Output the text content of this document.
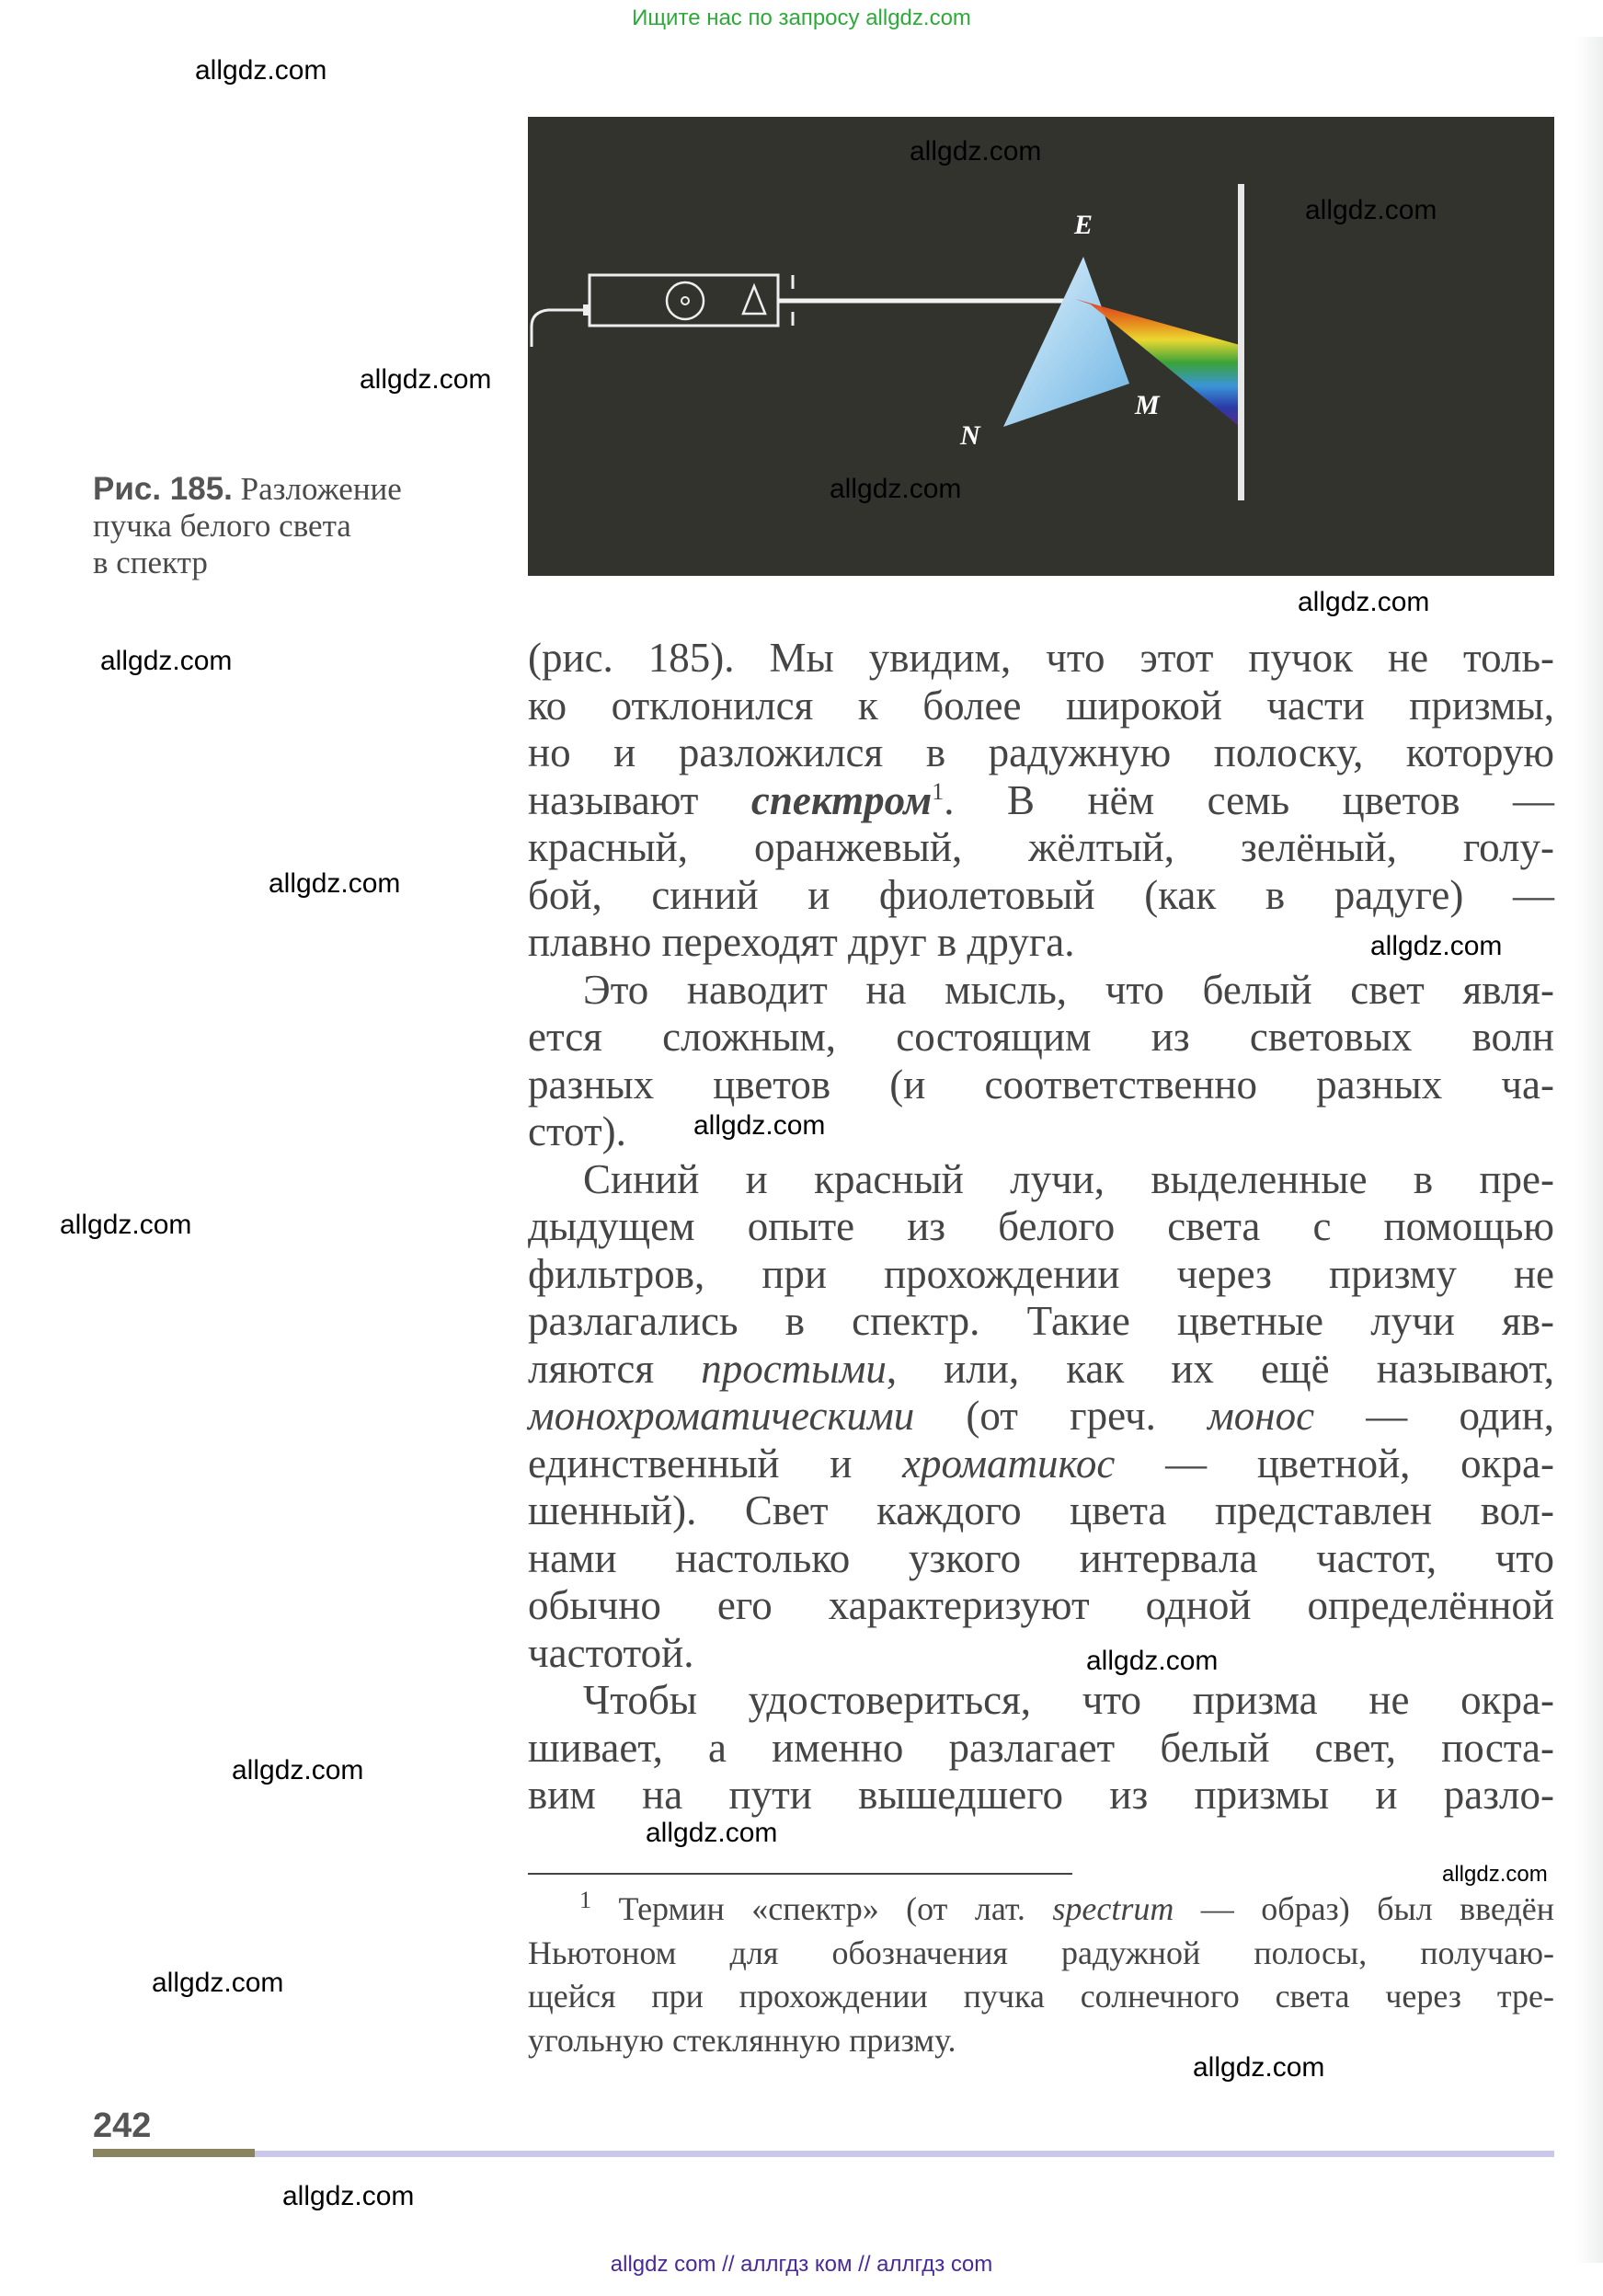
Ищите нас по запросу allgdz.com
E
N
M
Рис. 185. Разложение
пучка белого света
в спектр
(рис. 185). Мы увидим, что этот пучок не толь-
ко отклонился к более широкой части призмы,
но и разложился в радужную полоску, которую
называют спектром$^1$. В нём семь цветов —
красный, оранжевый, жёлтый, зелёный, голу-
бой, синий и фиолетовый (как в радуге) —
плавно переходят друг в друга.
Это наводит на мысль, что белый свет явля-
ется сложным, состоящим из световых волн
разных цветов (и соответственно разных ча-
стот).
Синий и красный лучи, выделенные в пре-
дыдущем опыте из белого света с помощью
фильтров, при прохождении через призму не
разлагались в спектр. Такие цветные лучи яв-
ляются простыми, или, как их ещё называют,
монохроматическими (от греч. монос — один,
единственный и хроматикос — цветной, окра-
шенный). Свет каждого цвета представлен вол-
нами настолько узкого интервала частот, что
обычно его характеризуют одной определённой
частотой.
Чтобы удостовериться, что призма не окра-
шивает, а именно разлагает белый свет, поста-
вим на пути вышедшего из призмы и разло-
$^1$ Термин «спектр» (от лат. spectrum — образ) был введён
Ньютоном для обозначения радужной полосы, получаю-
щейся при прохождении пучка солнечного света через тре-
угольную стеклянную призму.
242
allgdz com // аллгдз ком // аллгдз com
allgdz.com
allgdz.com
allgdz.com
allgdz.com
allgdz.com
allgdz.com
allgdz.com
allgdz.com
allgdz.com
allgdz.com
allgdz.com
allgdz.com
allgdz.com
allgdz.com
allgdz.com
allgdz.com
allgdz.com
allgdz.com
